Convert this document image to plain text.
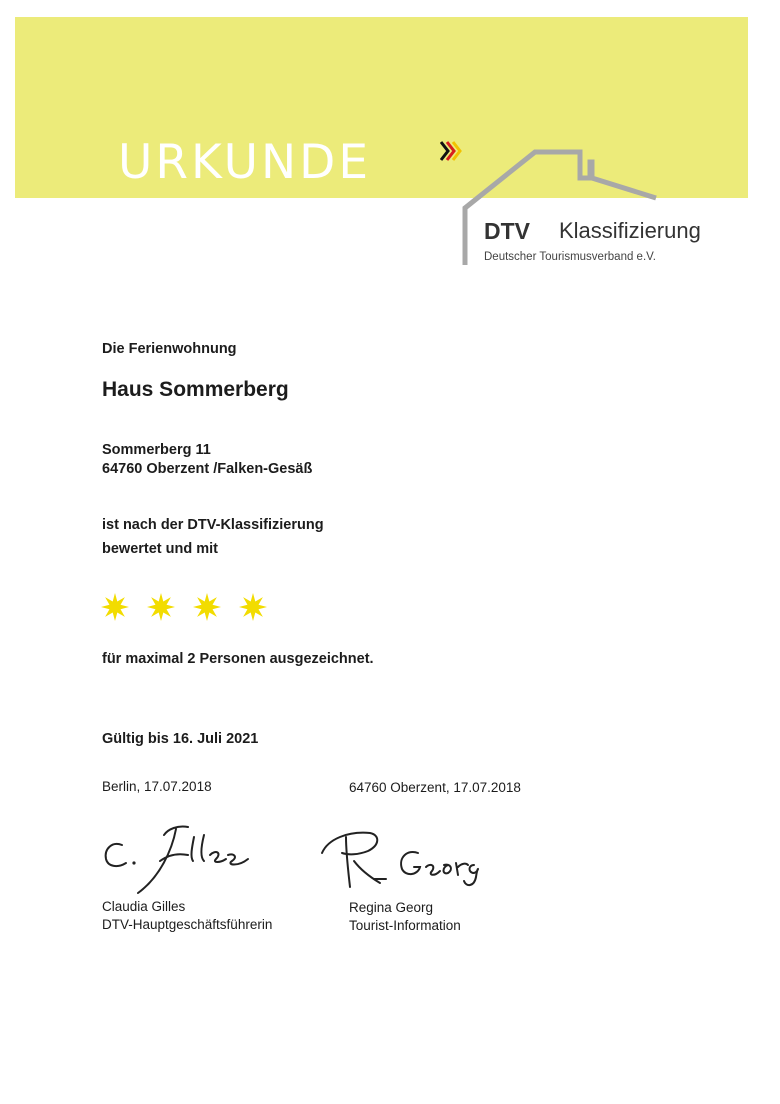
URKUNDE
DTV Klassifizierung
Deutscher Tourismusverband e.V.
Die Ferienwohnung
Haus Sommerberg
Sommerberg 11
64760 Oberzent /Falken-Gesäß
ist nach der DTV-Klassifizierung
bewertet und mit
für maximal 2 Personen ausgezeichnet.
Gültig bis 16. Juli 2021
Berlin, 17.07.2018	64760 Oberzent, 17.07.2018
Claudia Gilles
DTV-Hauptgeschäftsführerin
Regina Georg
Tourist-Information
